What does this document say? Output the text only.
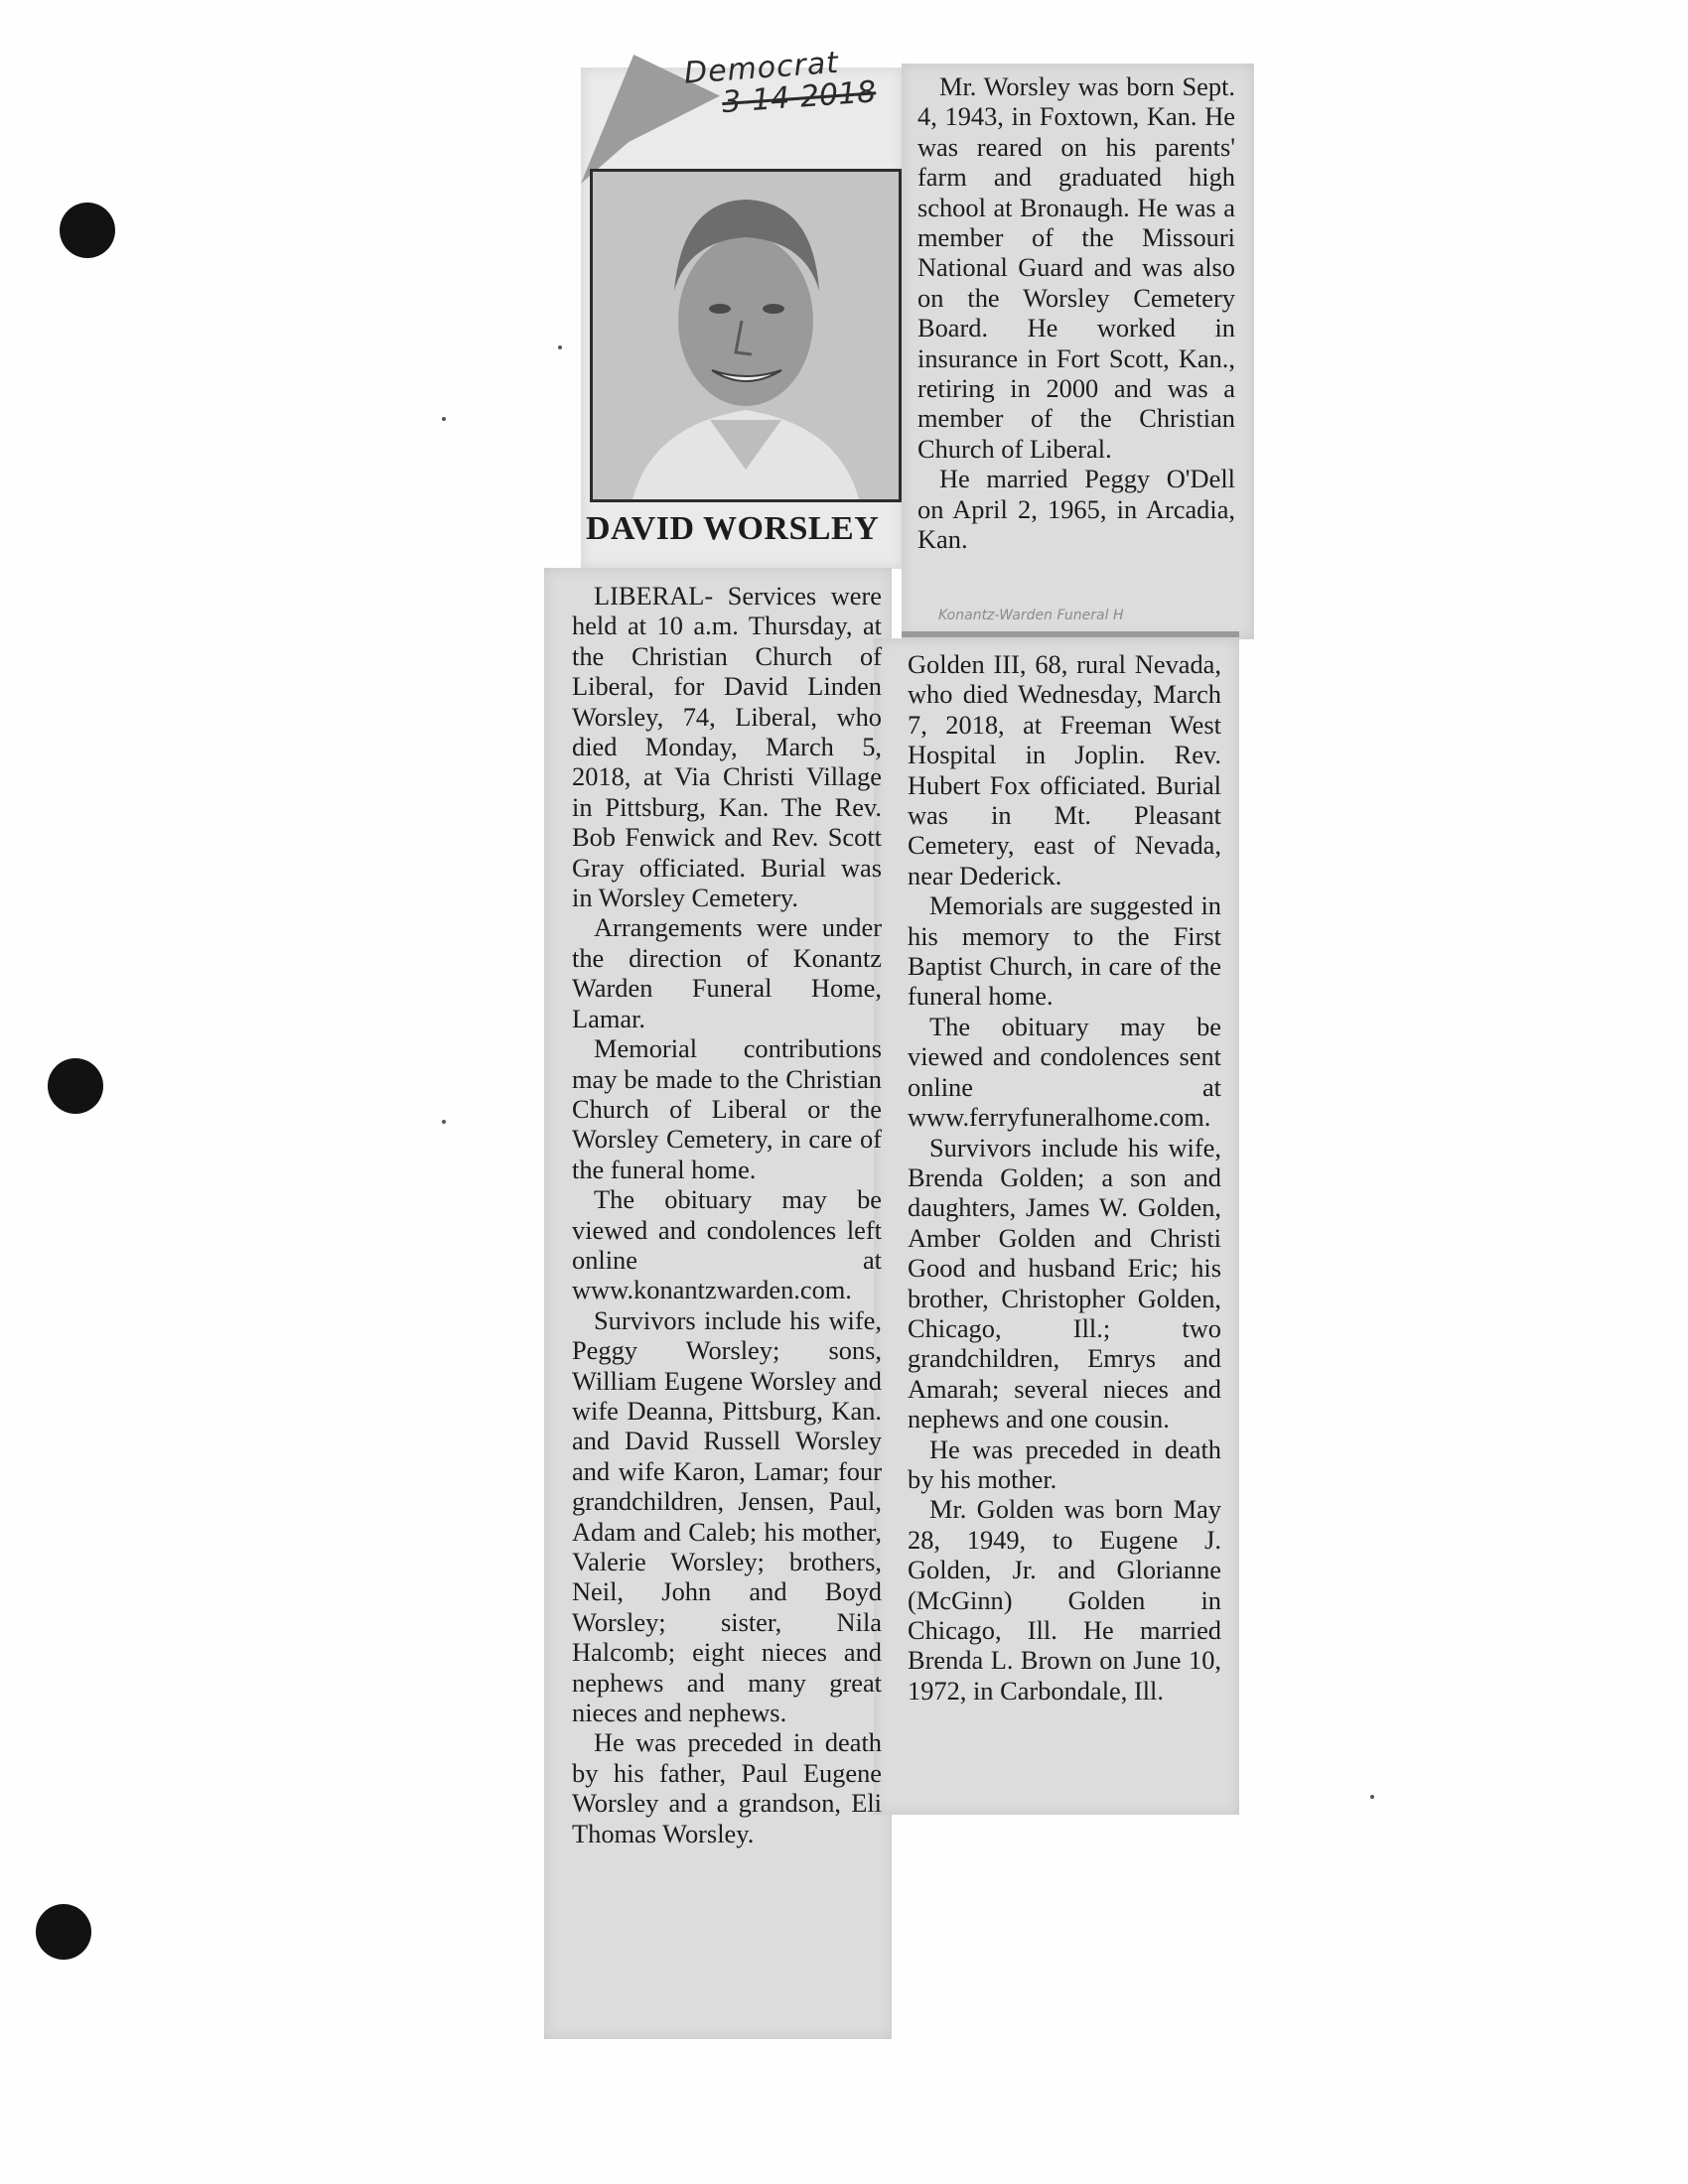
Democrat
3-14-2018
DAVID WORSLEY

LIBERAL- Services were held at 10 a.m. Thursday, at the Christian Church of Liberal, for David Linden Worsley, 74, Liberal, who died Monday, March 5, 2018, at Via Christi Village in Pittsburg, Kan. The Rev. Bob Fenwick and Rev. Scott Gray officiated. Burial was in Worsley Cemetery.

Arrangements were under the direction of Konantz Warden Funeral Home, Lamar.

Memorial contributions may be made to the Christian Church of Liberal or the Worsley Cemetery, in care of the funeral home.

The obituary may be viewed and condolences left online at www.konantzwarden.com.

Survivors include his wife, Peggy Worsley; sons, William Eugene Worsley and wife Deanna, Pittsburg, Kan. and David Russell Worsley and wife Karon, Lamar; four grandchildren, Jensen, Paul, Adam and Caleb; his mother, Valerie Worsley; brothers, Neil, John and Boyd Worsley; sister, Nila Halcomb; eight nieces and nephews and many great nieces and nephews.

He was preceded in death by his father, Paul Eugene Worsley and a grandson, Eli Thomas Worsley.

Mr. Worsley was born Sept. 4, 1943, in Foxtown, Kan. He was reared on his parents' farm and graduated high school at Bronaugh. He was a member of the Missouri National Guard and was also on the Worsley Cemetery Board. He worked in insurance in Fort Scott, Kan., retiring in 2000 and was a member of the Christian Church of Liberal.

He married Peggy O'Dell on April 2, 1965, in Arcadia, Kan.

Konantz-Warden Funeral H

Golden III, 68, rural Nevada, who died Wednesday, March 7, 2018, at Freeman West Hospital in Joplin. Rev. Hubert Fox officiated. Burial was in Mt. Pleasant Cemetery, east of Nevada, near Dederick.

Memorials are suggested in his memory to the First Baptist Church, in care of the funeral home.

The obituary may be viewed and condolences sent online at www.ferryfuneralhome.com.

Survivors include his wife, Brenda Golden; a son and daughters, James W. Golden, Amber Golden and Christi Good and husband Eric; his brother, Christopher Golden, Chicago, Ill.; two grandchildren, Emrys and Amarah; several nieces and nephews and one cousin.

He was preceded in death by his mother.

Mr. Golden was born May 28, 1949, to Eugene J. Golden, Jr. and Glorianne (McGinn) Golden in Chicago, Ill. He married Brenda L. Brown on June 10, 1972, in Carbondale, Ill.
